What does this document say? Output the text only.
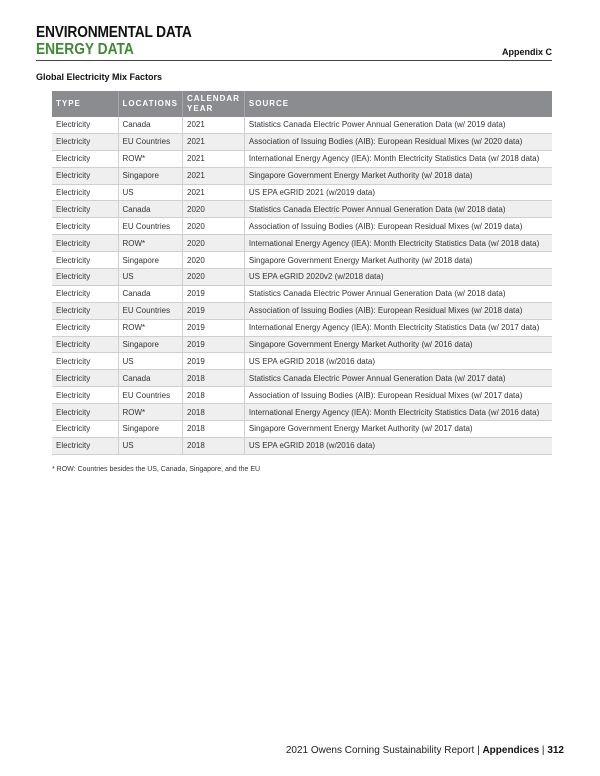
ENVIRONMENTAL DATA
ENERGY DATA	Appendix C
Global Electricity Mix Factors
TYPE	LOCATIONS	CALENDAR YEAR	SOURCE
Electricity	Canada	2021	Statistics Canada Electric Power Annual Generation Data (w/ 2019 data)
Electricity	EU Countries	2021	Association of Issuing Bodies (AIB): European Residual Mixes (w/ 2020 data)
Electricity	ROW*	2021	International Energy Agency (IEA): Month Electricity Statistics Data (w/ 2018 data)
Electricity	Singapore	2021	Singapore Government Energy Market Authority (w/ 2018 data)
Electricity	US	2021	US EPA eGRID 2021 (w/2019 data)
Electricity	Canada	2020	Statistics Canada Electric Power Annual Generation Data (w/ 2018 data)
Electricity	EU Countries	2020	Association of Issuing Bodies (AIB): European Residual Mixes (w/ 2019 data)
Electricity	ROW*	2020	International Energy Agency (IEA): Month Electricity Statistics Data (w/ 2018 data)
Electricity	Singapore	2020	Singapore Government Energy Market Authority (w/ 2018 data)
Electricity	US	2020	US EPA eGRID 2020v2 (w/2018 data)
Electricity	Canada	2019	Statistics Canada Electric Power Annual Generation Data (w/ 2018 data)
Electricity	EU Countries	2019	Association of Issuing Bodies (AIB): European Residual Mixes (w/ 2018 data)
Electricity	ROW*	2019	International Energy Agency (IEA): Month Electricity Statistics Data (w/ 2017 data)
Electricity	Singapore	2019	Singapore Government Energy Market Authority (w/ 2016 data)
Electricity	US	2019	US EPA eGRID 2018 (w/2016 data)
Electricity	Canada	2018	Statistics Canada Electric Power Annual Generation Data (w/ 2017 data)
Electricity	EU Countries	2018	Association of Issuing Bodies (AIB): European Residual Mixes (w/ 2017 data)
Electricity	ROW*	2018	International Energy Agency (IEA): Month Electricity Statistics Data (w/ 2016 data)
Electricity	Singapore	2018	Singapore Government Energy Market Authority (w/ 2017 data)
Electricity	US	2018	US EPA eGRID 2018 (w/2016 data)
* ROW: Countries besides the US, Canada, Singapore, and the EU
2021 Owens Corning Sustainability Report | Appendices | 312
